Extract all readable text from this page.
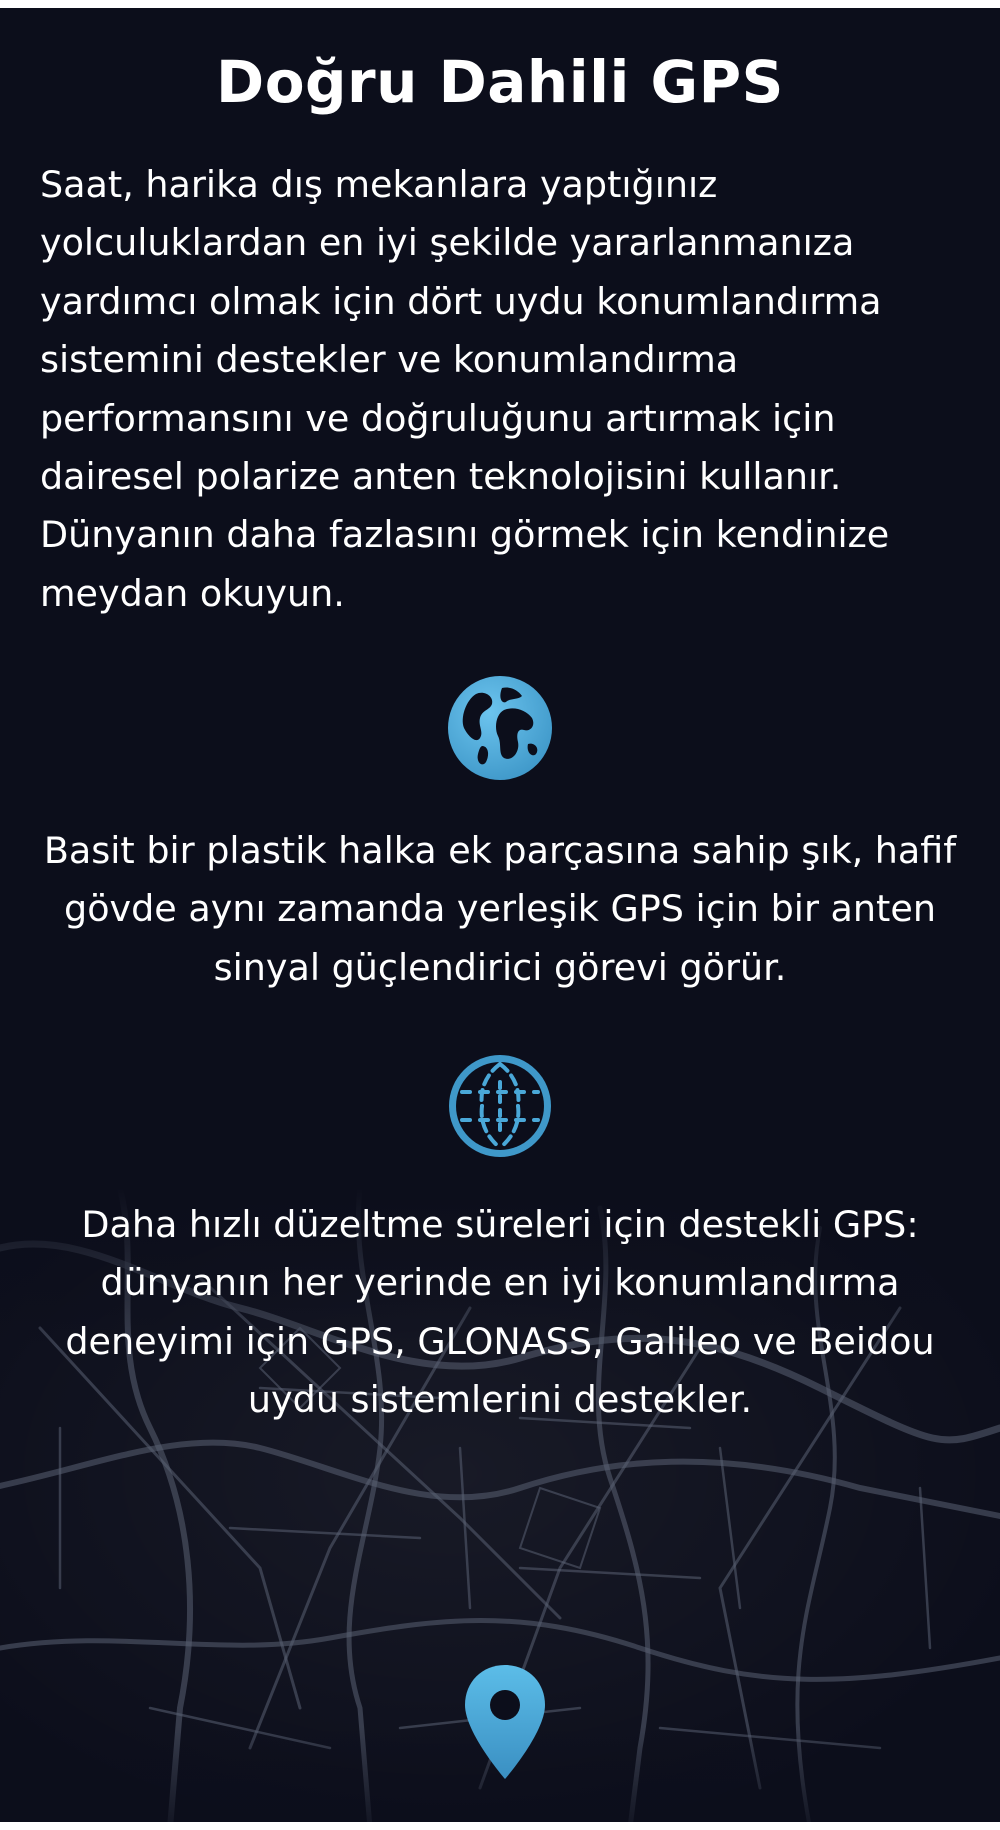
Doğru Dahili GPS

Saat, harika dış mekanlara yaptığınız yolculuklardan en iyi şekilde yararlanmanıza yardımcı olmak için dört uydu konumlandırma sistemini destekler ve konumlandırma performansını ve doğruluğunu artırmak için dairesel polarize anten teknolojisini kullanır. Dünyanın daha fazlasını görmek için kendinize meydan okuyun.

Basit bir plastik halka ek parçasına sahip şık, hafif gövde aynı zamanda yerleşik GPS için bir anten sinyal güçlendirici görevi görür.

Daha hızlı düzeltme süreleri için destekli GPS: dünyanın her yerinde en iyi konumlandırma deneyimi için GPS, GLONASS, Galileo ve Beidou uydu sistemlerini destekler.
